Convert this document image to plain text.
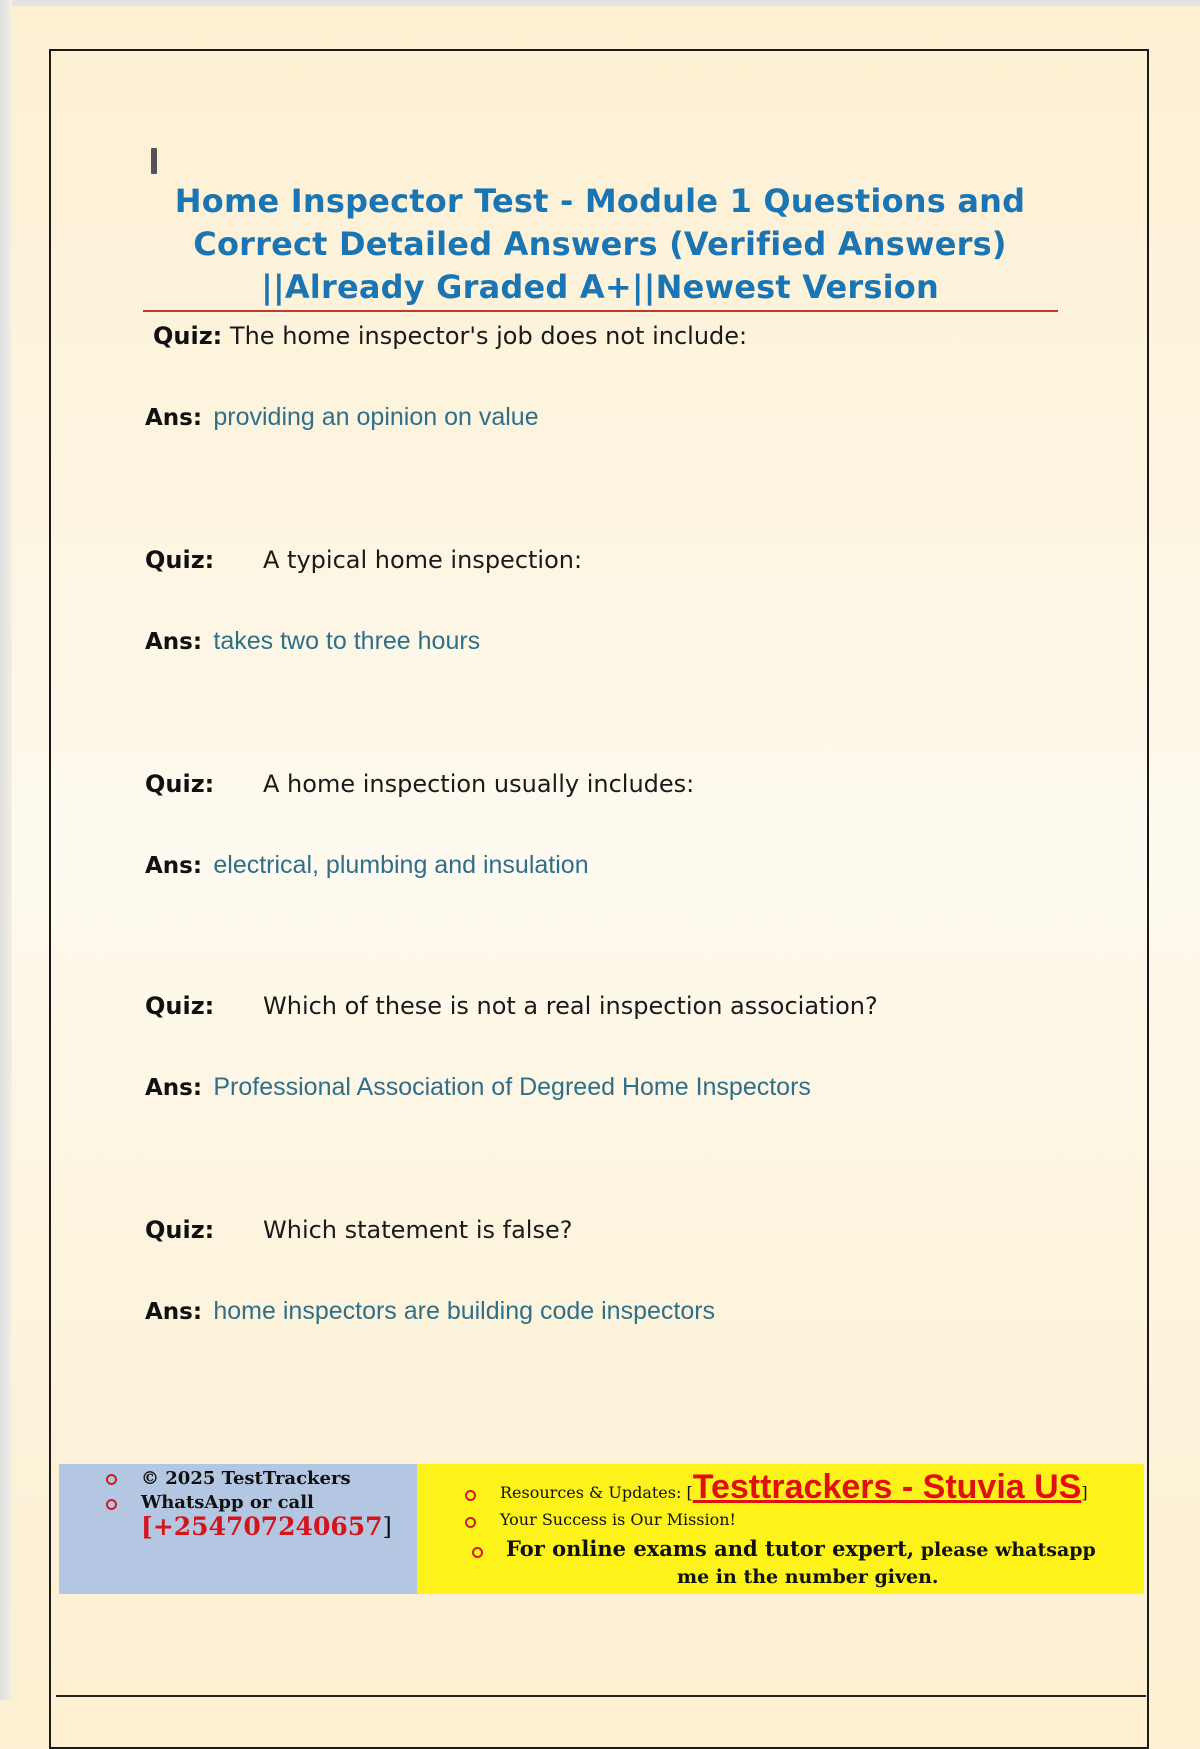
Home Inspector Test - Module 1 Questions and
Correct Detailed Answers (Verified Answers)
||Already Graded A+||Newest Version

Quiz: The home inspector's job does not include:

Ans: providing an opinion on value

Quiz: A typical home inspection:

Ans: takes two to three hours

Quiz: A home inspection usually includes:

Ans: electrical, plumbing and insulation

Quiz: Which of these is not a real inspection association?

Ans: Professional Association of Degreed Home Inspectors

Quiz: Which statement is false?

Ans: home inspectors are building code inspectors

© 2025 TestTrackers

WhatsApp or call

[+254707240657]

Resources & Updates: [Testtrackers - Stuvia US]

Your Success is Our Mission!

For online exams and tutor expert, please whatsapp

me in the number given.
